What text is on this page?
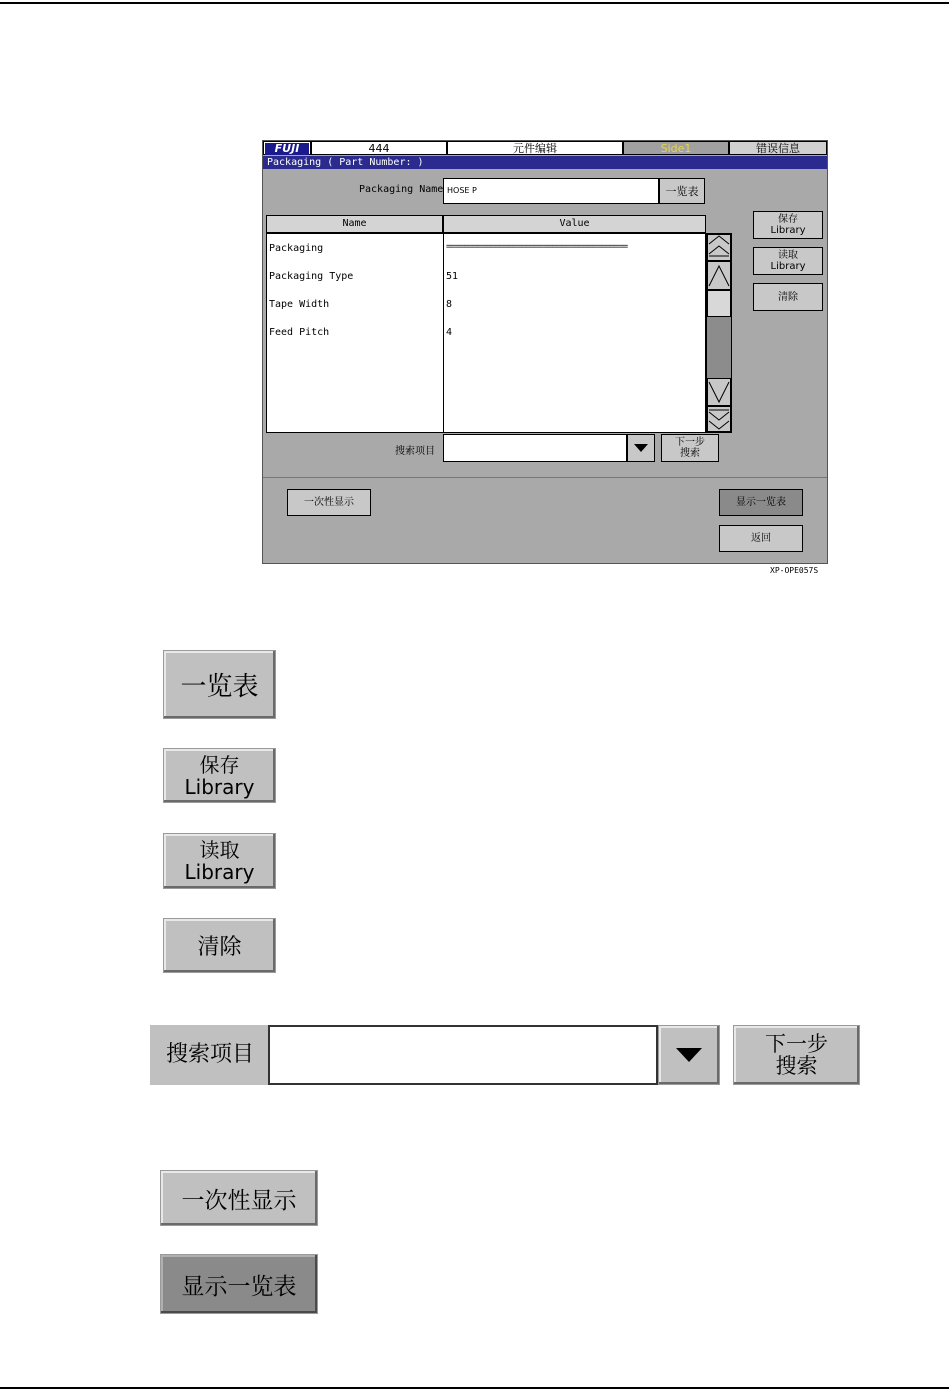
FUJI	444	元件编辑	Side1	错误信息
Packaging ( Part Number: )
Packaging Name HOSE P	一览表
Name	Value
Packaging	=========================================
Packaging Type	51
Tape Width	8
Feed Pitch	4
保存
Library
读取
Library
清除
搜索项目
下一步
搜索
一次性显示	显示一览表
返回
XP-OPE057S
一览表
保存
Library
读取
Library
清除
搜索项目	下一步
搜索
一次性显示
显示一览表
